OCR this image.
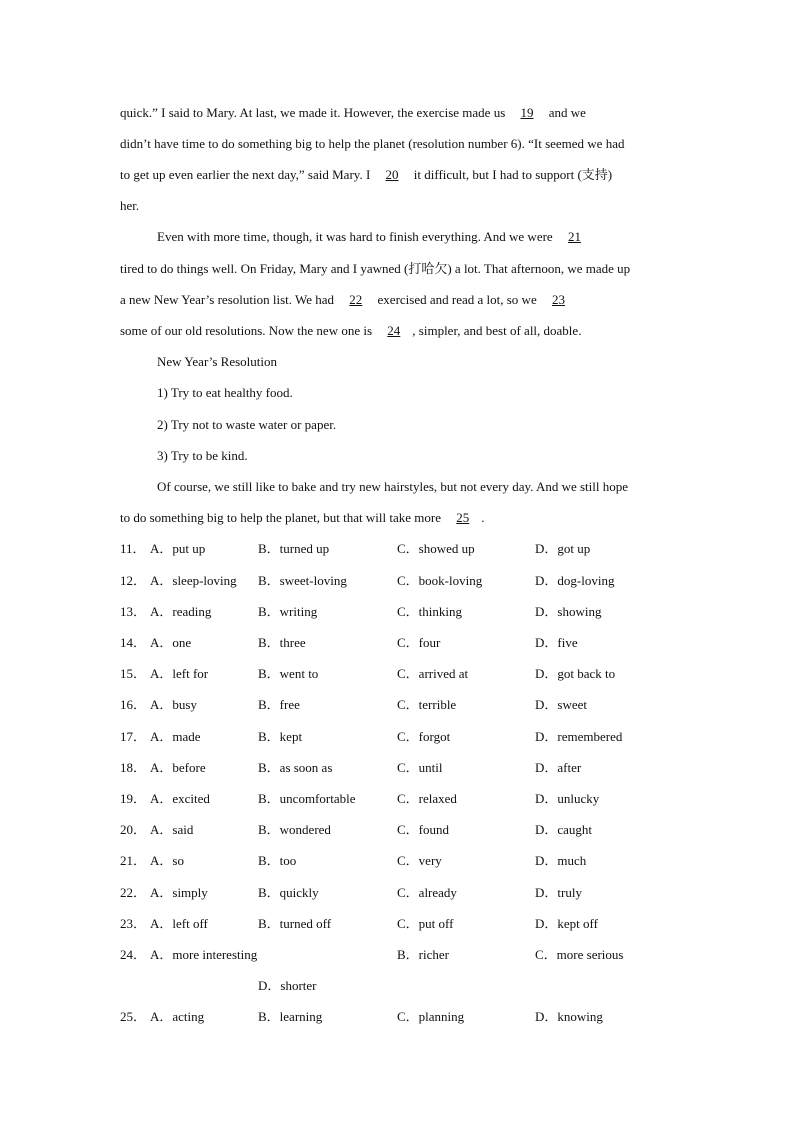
quick.” I said to Mary. At last, we made it. However, the exercise made us 19 and we
didn’t have time to do something big to help the planet (resolution number 6). “It seemed we had
to get up even earlier the next day,” said Mary. I 20 it difficult, but I had to support (支持)
her.
Even with more time, though, it was hard to finish everything. And we were 21
tired to do things well. On Friday, Mary and I yawned (打哈欠) a lot. That afternoon, we made up
a new New Year’s resolution list. We had 22 exercised and read a lot, so we 23
some of our old resolutions. Now the new one is 24 , simpler, and best of all, doable.
New Year’s Resolution
1) Try to eat healthy food.
2) Try not to waste water or paper.
3) Try to be kind.
Of course, we still like to bake and try new hairstyles, but not every day. And we still hope
to do something big to help the planet, but that will take more 25 .
11． A．put up	B．turned up	C．showed up	D．got up
12． A．sleep-loving B．sweet-loving	C．book-loving	D．dog-loving
13． A．reading	B．writing	C．thinking	D．showing
14． A．one	B．three	C．four	D．five
15． A．left for	B．went to	C．arrived at	D．got back to
16． A．busy	B．free	C．terrible	D．sweet
17． A．made	B．kept	C．forgot	D．remembered
18． A．before	B．as soon as	C．until	D．after
19． A．excited	B．uncomfortable	C．relaxed	D．unlucky
20． A．said	B．wondered	C．found	D．caught
21． A．so	B．too	C．very	D．much
22． A．simply	B．quickly	C．already	D．truly
23． A．left off	B．turned off	C．put off	D．kept off
24． A．more interesting	B．richer	C．more serious
D．shorter
25． A．acting	B．learning	C．planning	D．knowing
